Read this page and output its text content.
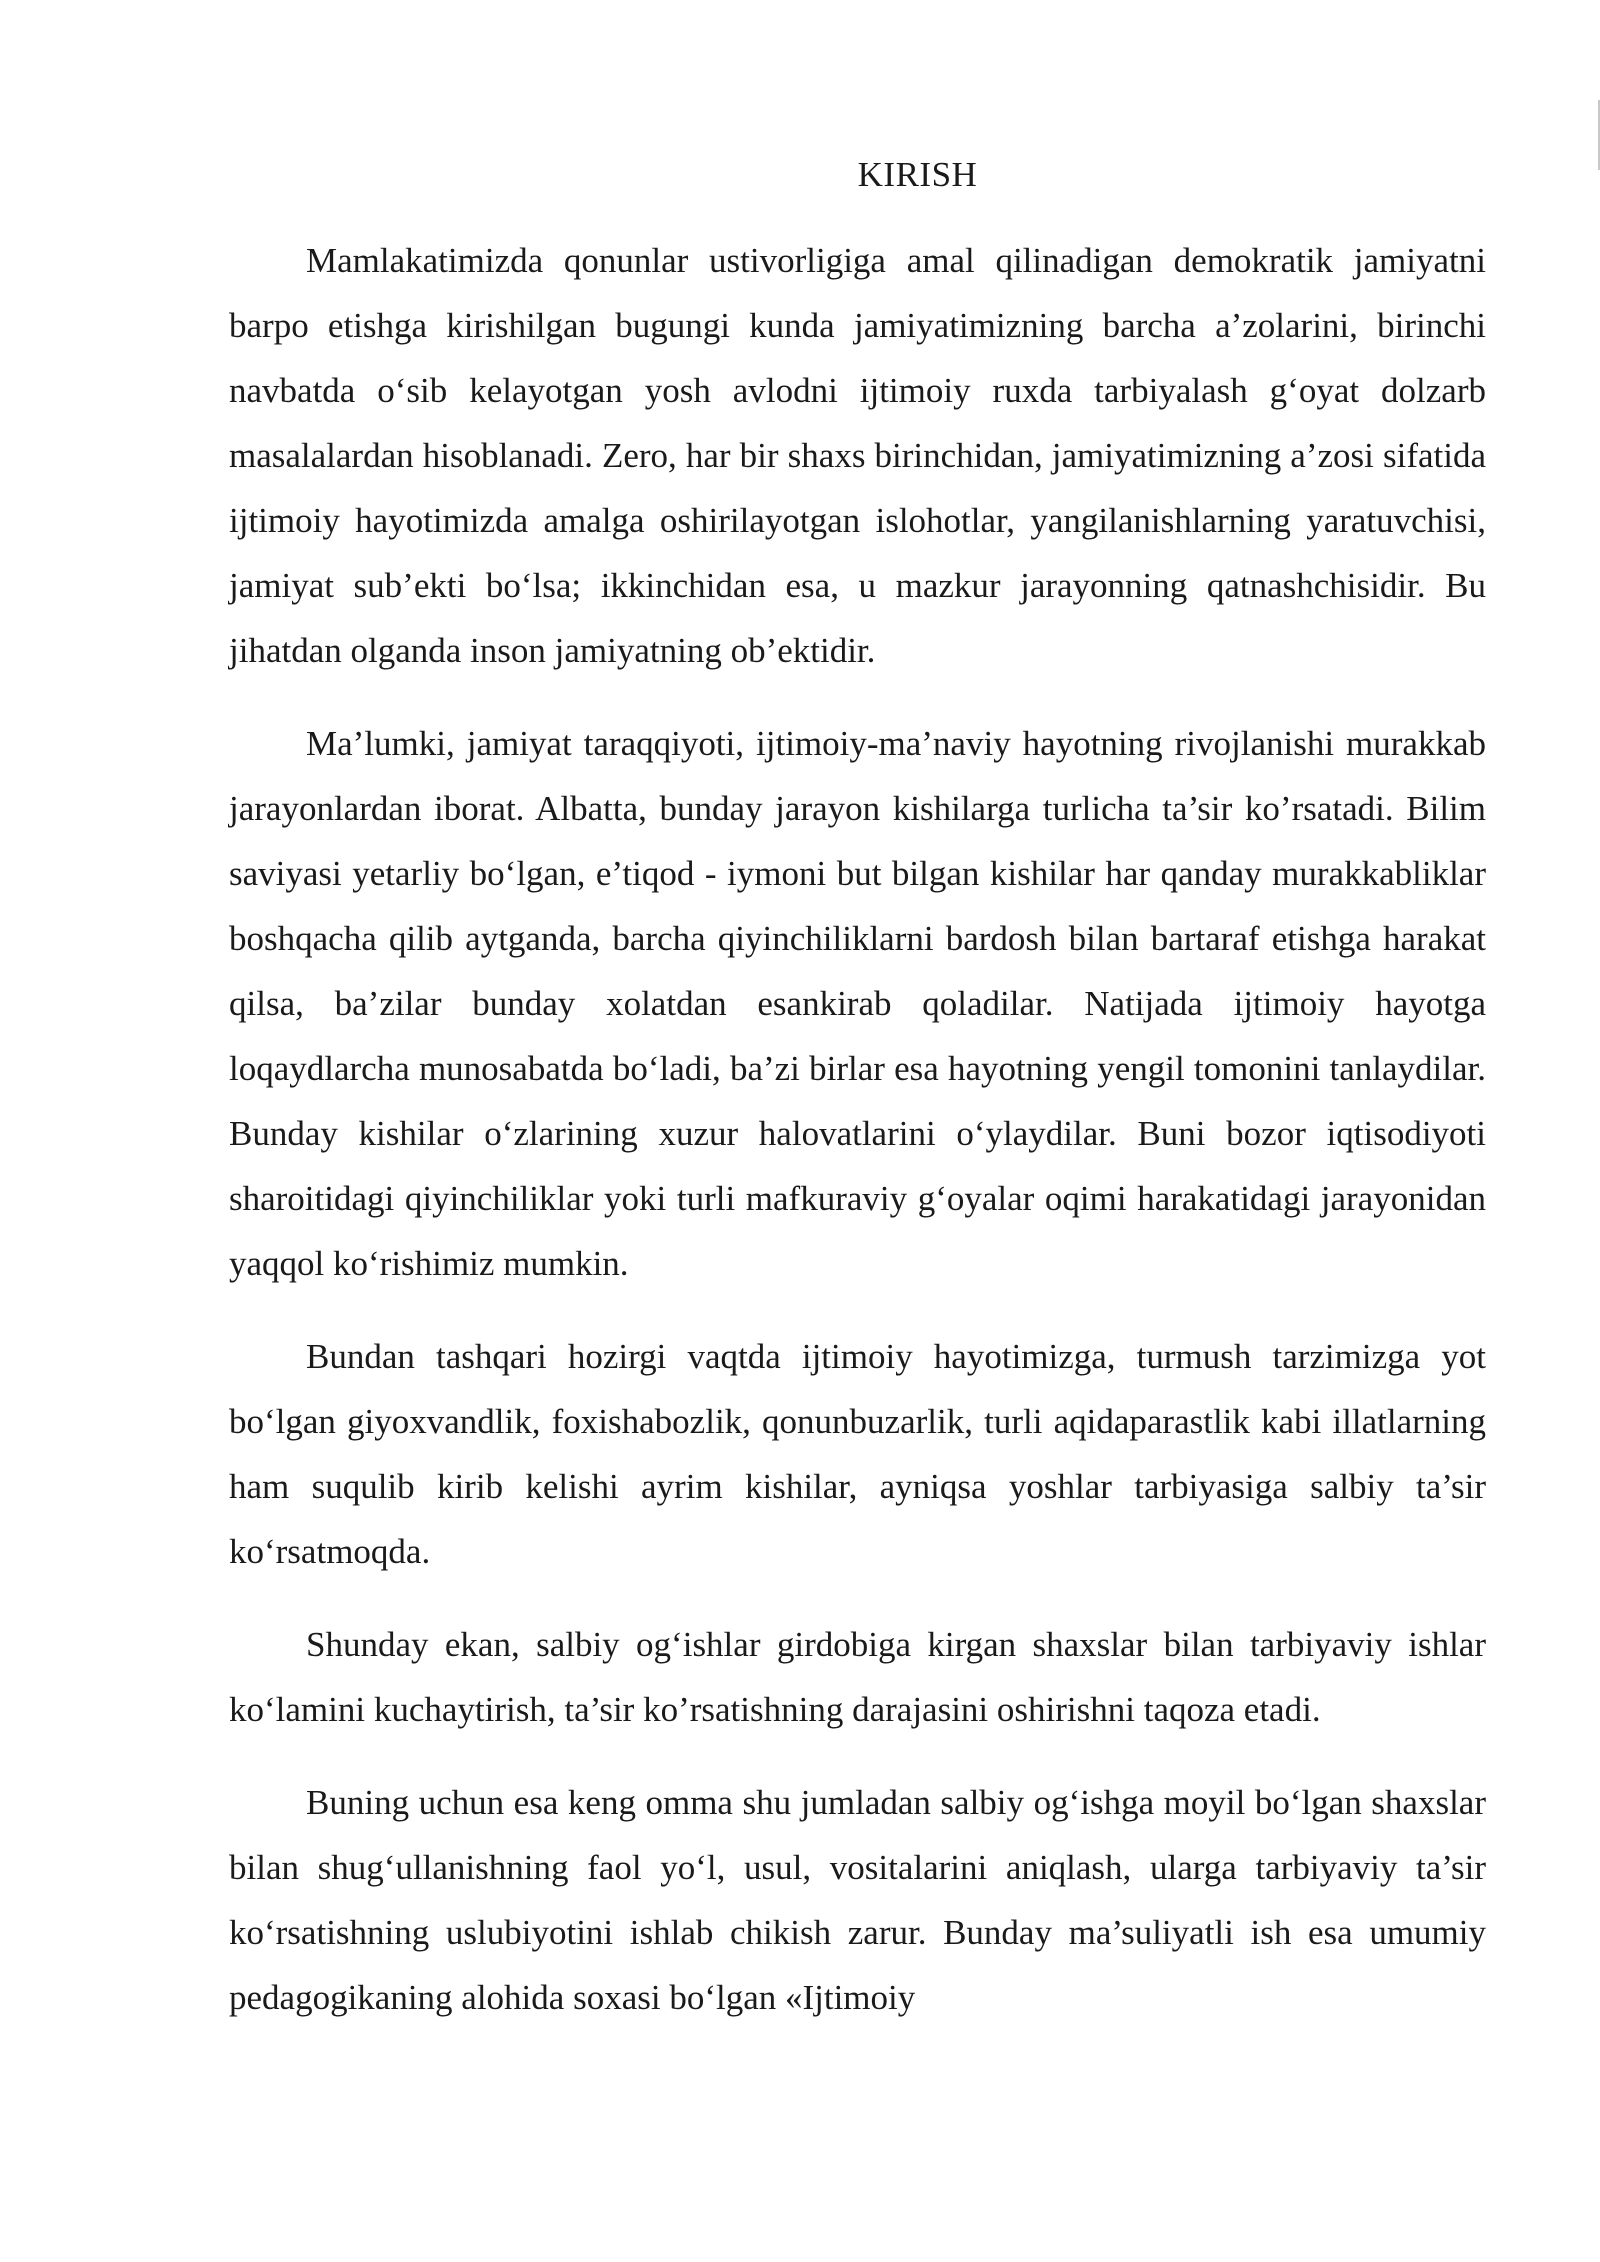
KIRISH

Mamlakatimizda qonunlar ustivorligiga amal qilinadigan demokratik jamiyatni barpo etishga kirishilgan bugungi kunda jamiyatimizning barcha a’zolarini, birinchi navbatda o‘sib kelayotgan yosh avlodni ijtimoiy ruxda tarbiyalash g‘oyat dolzarb masalalardan hisoblanadi. Zero, har bir shaxs birinchidan, jamiyatimizning a’zosi sifatida ijtimoiy hayotimizda amalga oshirilayotgan islohotlar, yangilanishlarning yaratuvchisi, jamiyat sub’ekti bo‘lsa; ikkinchidan esa, u mazkur jarayonning qatnashchisidir. Bu jihatdan olganda inson jamiyatning ob’ektidir.

Ma’lumki, jamiyat taraqqiyoti, ijtimoiy-ma’naviy hayotning rivojlanishi murakkab jarayonlardan iborat. Albatta, bunday jarayon kishilarga turlicha ta’sir ko’rsatadi. Bilim saviyasi yetarliy bo‘lgan, e’tiqod - iymoni but bilgan kishilar har qanday murakkabliklar boshqacha qilib aytganda, barcha qiyinchiliklarni bardosh bilan bartaraf etishga harakat qilsa, ba’zilar bunday xolatdan esankirab qoladilar. Natijada ijtimoiy hayotga loqaydlarcha munosabatda bo‘ladi, ba’zi birlar esa hayotning yengil tomonini tanlaydilar. Bunday kishilar o‘zlarining xuzur halovatlarini o‘ylaydilar. Buni bozor iqtisodiyoti sharoitidagi qiyinchiliklar yoki turli mafkuraviy g‘oyalar oqimi harakatidagi jarayonidan yaqqol ko‘rishimiz mumkin.

Bundan tashqari hozirgi vaqtda ijtimoiy hayotimizga, turmush tarzimizga yot bo‘lgan giyoxvandlik, foxishabozlik, qonunbuzarlik, turli aqidaparastlik kabi illatlarning ham suqulib kirib kelishi ayrim kishilar, ayniqsa yoshlar tarbiyasiga salbiy ta’sir ko‘rsatmoqda.

Shunday ekan, salbiy og‘ishlar girdobiga kirgan shaxslar bilan tarbiyaviy ishlar ko‘lamini kuchaytirish, ta’sir ko’rsatishning darajasini oshirishni taqoza etadi.

Buning uchun esa keng omma shu jumladan salbiy og‘ishga moyil bo‘lgan shaxslar bilan shug‘ullanishning faol yo‘l, usul, vositalarini aniqlash, ularga tarbiyaviy ta’sir ko‘rsatishning uslubiyotini ishlab chikish zarur. Bunday ma’suliyatli ish esa umumiy pedagogikaning alohida soxasi bo‘lgan «Ijtimoiy
